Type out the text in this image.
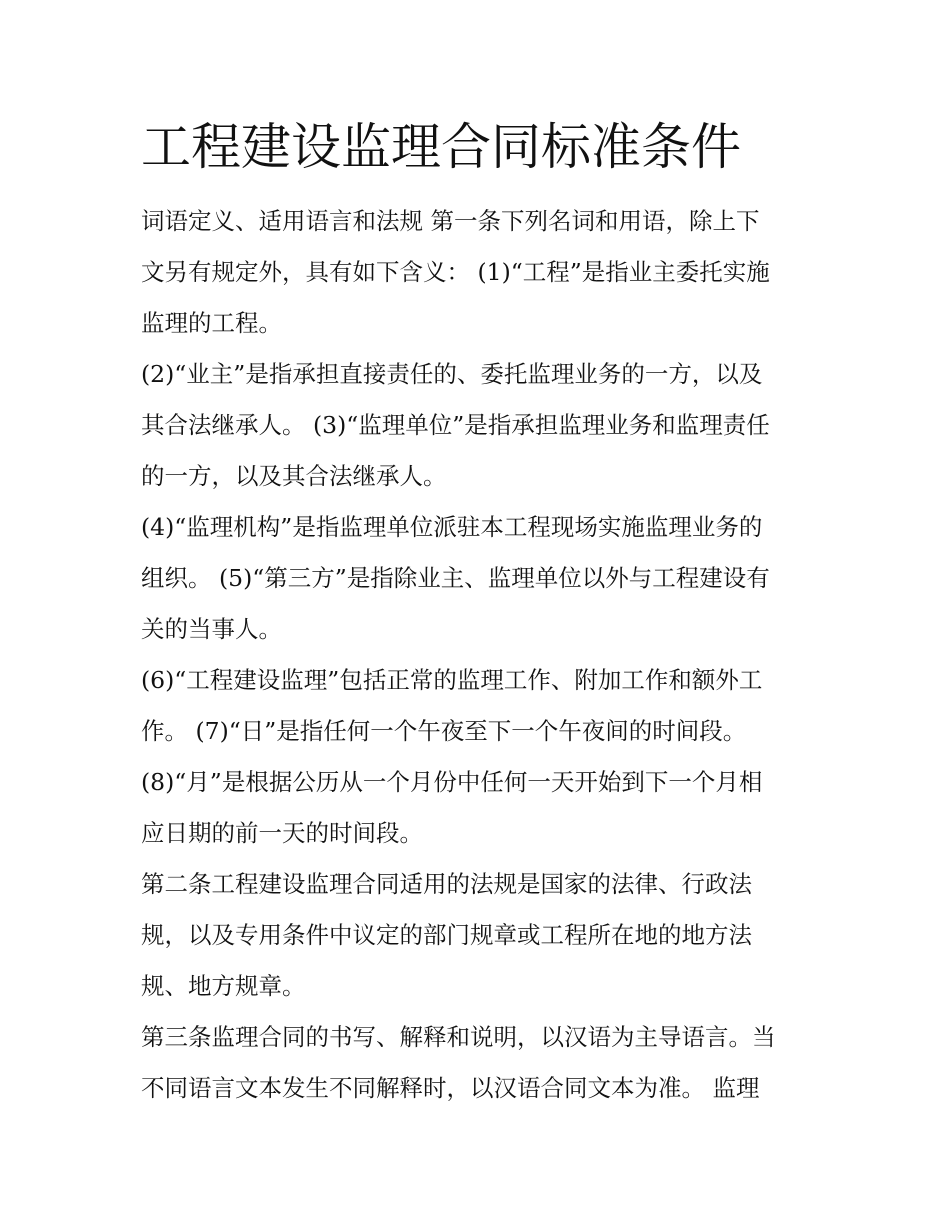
工程建设监理合同标准条件
词语定义、适用语言和法规 第一条下列名词和用语，除上下
文另有规定外，具有如下含义： (1)“工程”是指业主委托实施
监理的工程。
(2)“业主”是指承担直接责任的、委托监理业务的一方，以及
其合法继承人。 (3)“监理单位”是指承担监理业务和监理责任
的一方，以及其合法继承人。
(4)“监理机构”是指监理单位派驻本工程现场实施监理业务的
组织。 (5)“第三方”是指除业主、监理单位以外与工程建设有
关的当事人。
(6)“工程建设监理”包括正常的监理工作、附加工作和额外工
作。 (7)“日”是指任何一个午夜至下一个午夜间的时间段。
(8)“月”是根据公历从一个月份中任何一天开始到下一个月相
应日期的前一天的时间段。
第二条工程建设监理合同适用的法规是国家的法律、行政法
规，以及专用条件中议定的部门规章或工程所在地的地方法
规、地方规章。
第三条监理合同的书写、解释和说明，以汉语为主导语言。当
不同语言文本发生不同解释时，以汉语合同文本为准。 监理
